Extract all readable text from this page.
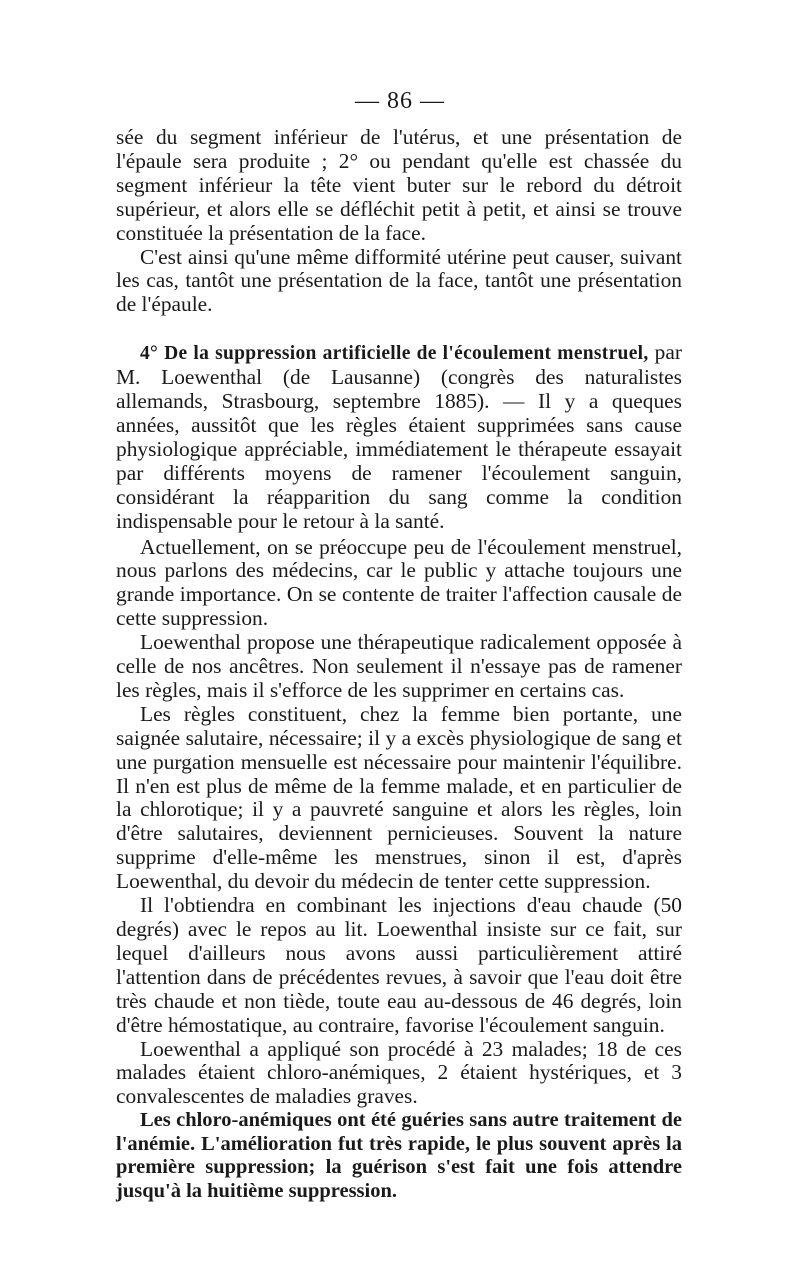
— 86 —

sée du segment inférieur de l'utérus, et une présentation de l'épaule sera produite ; 2° ou pendant qu'elle est chassée du segment inférieur la tête vient buter sur le rebord du détroit supérieur, et alors elle se défléchit petit à petit, et ainsi se trouve constituée la présentation de la face.

C'est ainsi qu'une même difformité utérine peut causer, suivant les cas, tantôt une présentation de la face, tantôt une présentation de l'épaule.

4° De la suppression artificielle de l'écoulement menstruel, par M. Loewenthal (de Lausanne) (congrès des naturalistes allemands, Strasbourg, septembre 1885). — Il y a queques années, aussitôt que les règles étaient supprimées sans cause physiologique appréciable, immédiatement le thérapeute essayait par différents moyens de ramener l'écoulement sanguin, considérant la réapparition du sang comme la condition indispensable pour le retour à la santé.

Actuellement, on se préoccupe peu de l'écoulement menstruel, nous parlons des médecins, car le public y attache toujours une grande importance. On se contente de traiter l'affection causale de cette suppression.

Loewenthal propose une thérapeutique radicalement opposée à celle de nos ancêtres. Non seulement il n'essaye pas de ramener les règles, mais il s'efforce de les supprimer en certains cas.

Les règles constituent, chez la femme bien portante, une saignée salutaire, nécessaire; il y a excès physiologique de sang et une purgation mensuelle est nécessaire pour maintenir l'équilibre. Il n'en est plus de même de la femme malade, et en particulier de la chlorotique; il y a pauvreté sanguine et alors les règles, loin d'être salutaires, deviennent pernicieuses. Souvent la nature supprime d'elle-même les menstrues, sinon il est, d'après Loewenthal, du devoir du médecin de tenter cette suppression.

Il l'obtiendra en combinant les injections d'eau chaude (50 degrés) avec le repos au lit. Loewenthal insiste sur ce fait, sur lequel d'ailleurs nous avons aussi particulièrement attiré l'attention dans de précédentes revues, à savoir que l'eau doit être très chaude et non tiède, toute eau au-dessous de 46 degrés, loin d'être hémostatique, au contraire, favorise l'écoulement sanguin.

Loewenthal a appliqué son procédé à 23 malades; 18 de ces malades étaient chloro-anémiques, 2 étaient hystériques, et 3 convalescentes de maladies graves.

Les chloro-anémiques ont été guéries sans autre traitement de l'anémie. L'amélioration fut très rapide, le plus souvent après la première suppression; la guérison s'est fait une fois attendre jusqu'à la huitième suppression.
